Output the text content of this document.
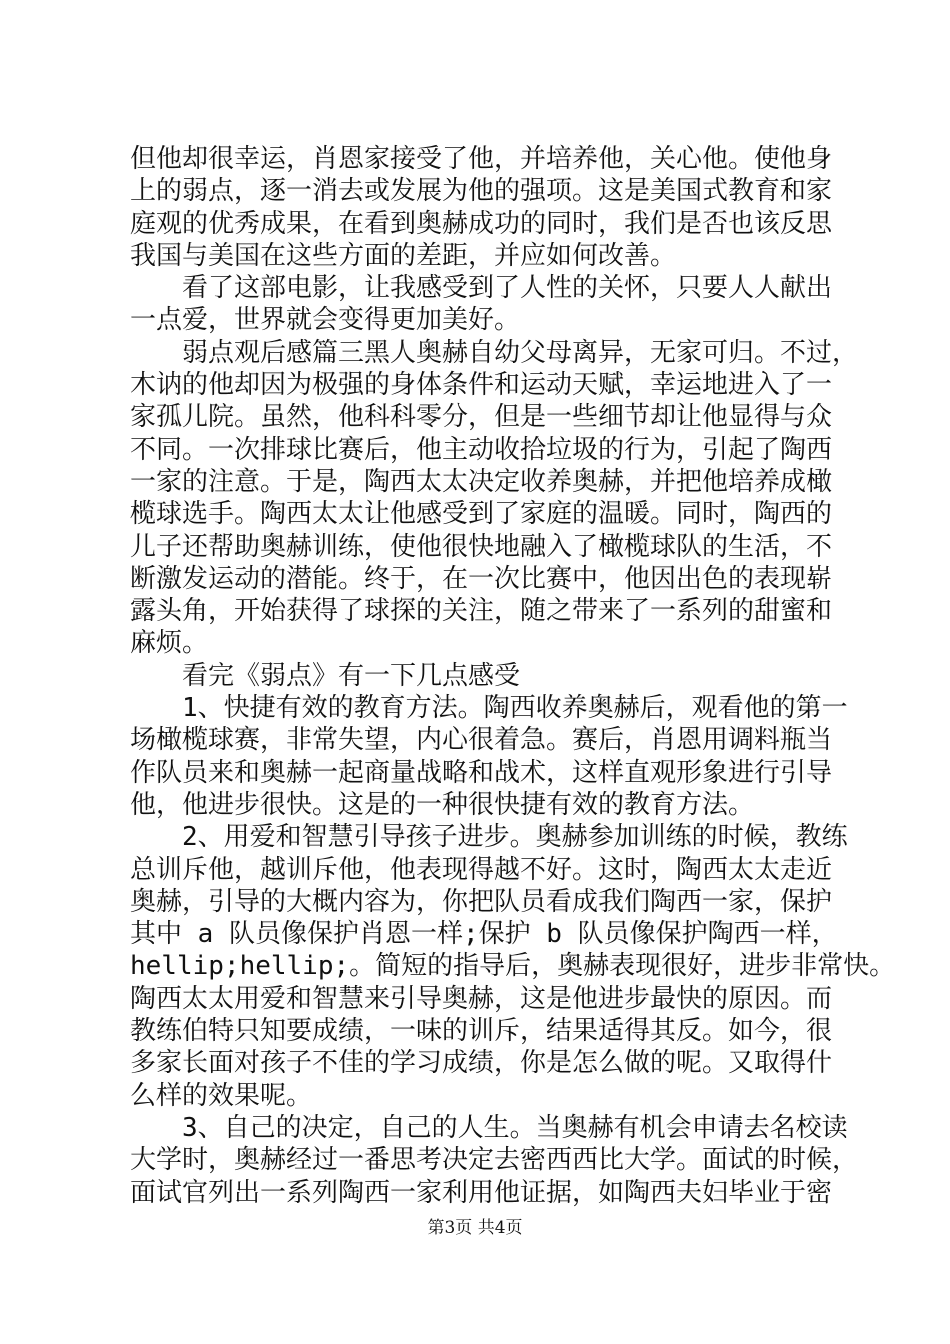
但他却很幸运，肖恩家接受了他，并培养他，关心他。使他身
上的弱点，逐一消去或发展为他的强项。这是美国式教育和家
庭观的优秀成果，在看到奥赫成功的同时，我们是否也该反思
我国与美国在这些方面的差距，并应如何改善。
　　看了这部电影，让我感受到了人性的关怀，只要人人献出
一点爱，世界就会变得更加美好。
　　弱点观后感篇三黑人奥赫自幼父母离异，无家可归。不过，
木讷的他却因为极强的身体条件和运动天赋，幸运地进入了一
家孤儿院。虽然，他科科零分，但是一些细节却让他显得与众
不同。一次排球比赛后，他主动收拾垃圾的行为，引起了陶西
一家的注意。于是，陶西太太决定收养奥赫，并把他培养成橄
榄球选手。陶西太太让他感受到了家庭的温暖。同时，陶西的
儿子还帮助奥赫训练，使他很快地融入了橄榄球队的生活，不
断激发运动的潜能。终于，在一次比赛中，他因出色的表现崭
露头角，开始获得了球探的关注，随之带来了一系列的甜蜜和
麻烦。
　　看完《弱点》有一下几点感受
　　1、快捷有效的教育方法。陶西收养奥赫后，观看他的第一
场橄榄球赛，非常失望，内心很着急。赛后，肖恩用调料瓶当
作队员来和奥赫一起商量战略和战术，这样直观形象进行引导
他，他进步很快。这是的一种很快捷有效的教育方法。
　　2、用爱和智慧引导孩子进步。奥赫参加训练的时候，教练
总训斥他，越训斥他，他表现得越不好。这时，陶西太太走近
奥赫，引导的大概内容为，你把队员看成我们陶西一家，保护
其中 a 队员像保护肖恩一样;保护 b 队员像保护陶西一样，
hellip;hellip;。简短的指导后，奥赫表现很好，进步非常快。
陶西太太用爱和智慧来引导奥赫，这是他进步最快的原因。而
教练伯特只知要成绩，一味的训斥，结果适得其反。如今，很
多家长面对孩子不佳的学习成绩，你是怎么做的呢。又取得什
么样的效果呢。
　　3、自己的决定，自己的人生。当奥赫有机会申请去名校读
大学时，奥赫经过一番思考决定去密西西比大学。面试的时候，
面试官列出一系列陶西一家利用他证据，如陶西夫妇毕业于密
第3页 共4页
